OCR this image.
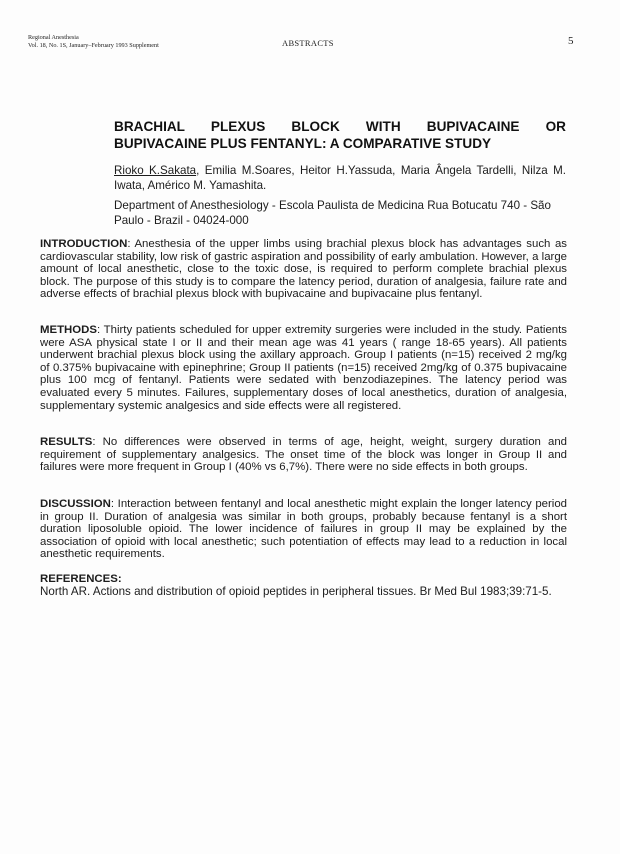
Regional Anesthesia
Vol. 18, No. 1S, January–February 1993 Supplement	ABSTRACTS	5
BRACHIAL PLEXUS BLOCK WITH BUPIVACAINE OR
BUPIVACAINE PLUS FENTANYL: A COMPARATIVE STUDY
Rioko K.Sakata, Emilia M.Soares, Heitor H.Yassuda, Maria Ângela Tardelli, Nilza M. Iwata, Américo M. Yamashita.
Department of Anesthesiology - Escola Paulista de Medicina Rua Botucatu 740 - São Paulo - Brazil - 04024-000

INTRODUCTION: Anesthesia of the upper limbs using brachial plexus block has advantages such as cardiovascular stability, low risk of gastric aspiration and possibility of early ambulation. However, a large amount of local anesthetic, close to the toxic dose, is required to perform complete brachial plexus block. The purpose of this study is to compare the latency period, duration of analgesia, failure rate and adverse effects of brachial plexus block with bupivacaine and bupivacaine plus fentanyl.

METHODS: Thirty patients scheduled for upper extremity surgeries were included in the study. Patients were ASA physical state I or II and their mean age was 41 years ( range 18-65 years). All patients underwent brachial plexus block using the axillary approach. Group I patients (n=15) received 2 mg/kg of 0.375% bupivacaine with epinephrine; Group II patients (n=15) received 2mg/kg of 0.375 bupivacaine plus 100 mcg of fentanyl. Patients were sedated with benzodiazepines. The latency period was evaluated every 5 minutes. Failures, supplementary doses of local anesthetics, duration of analgesia, supplementary systemic analgesics and side effects were all registered.

RESULTS: No differences were observed in terms of age, height, weight, surgery duration and requirement of supplementary analgesics. The onset time of the block was longer in Group II and failures were more frequent in Group I (40% vs 6,7%). There were no side effects in both groups.

DISCUSSION: Interaction between fentanyl and local anesthetic might explain the longer latency period in group II. Duration of analgesia was similar in both groups, probably because fentanyl is a short duration liposoluble opioid. The lower incidence of failures in group II may be explained by the association of opioid with local anesthetic; such potentiation of effects may lead to a reduction in local anesthetic requirements.

REFERENCES:
North AR. Actions and distribution of opioid peptides in peripheral tissues. Br Med Bul 1983;39:71-5.
